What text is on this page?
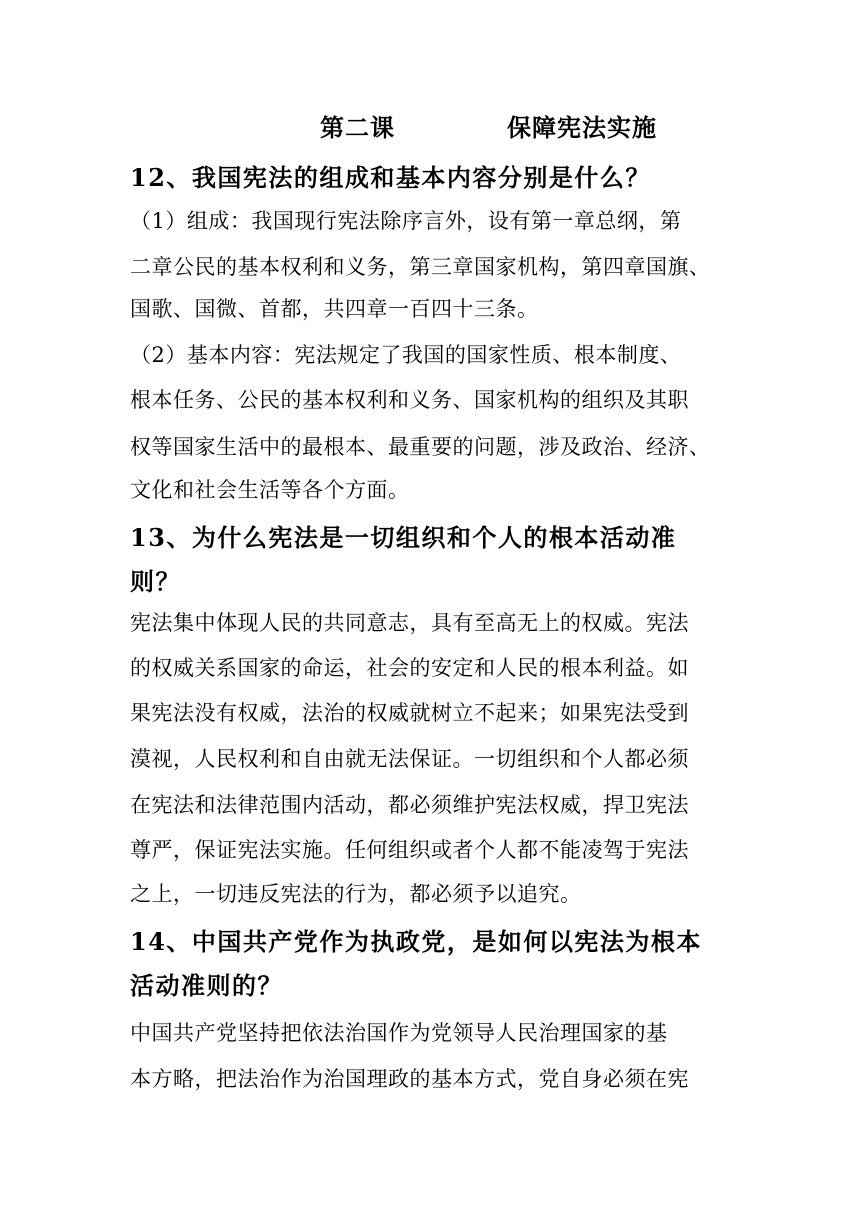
第二课	保障宪法实施
12、我国宪法的组成和基本内容分别是什么？
（1）组成：我国现行宪法除序言外，设有第一章总纲，第
二章公民的基本权利和义务，第三章国家机构，第四章国旗、
国歌、国微、首都，共四章一百四十三条。
（2）基本内容：宪法规定了我国的国家性质、根本制度、
根本任务、公民的基本权利和义务、国家机构的组织及其职
权等国家生活中的最根本、最重要的问题，涉及政治、经济、
文化和社会生活等各个方面。
13、为什么宪法是一切组织和个人的根本活动准
则？
宪法集中体现人民的共同意志，具有至高无上的权威。宪法
的权威关系国家的命运，社会的安定和人民的根本利益。如
果宪法没有权威，法治的权威就树立不起来；如果宪法受到
漠视，人民权利和自由就无法保证。一切组织和个人都必须
在宪法和法律范围内活动，都必须维护宪法权威，捍卫宪法
尊严，保证宪法实施。任何组织或者个人都不能凌驾于宪法
之上，一切违反宪法的行为，都必须予以追究。
14、中国共产党作为执政党，是如何以宪法为根本
活动准则的？
中国共产党坚持把依法治国作为党领导人民治理国家的基
本方略，把法治作为治国理政的基本方式，党自身必须在宪
